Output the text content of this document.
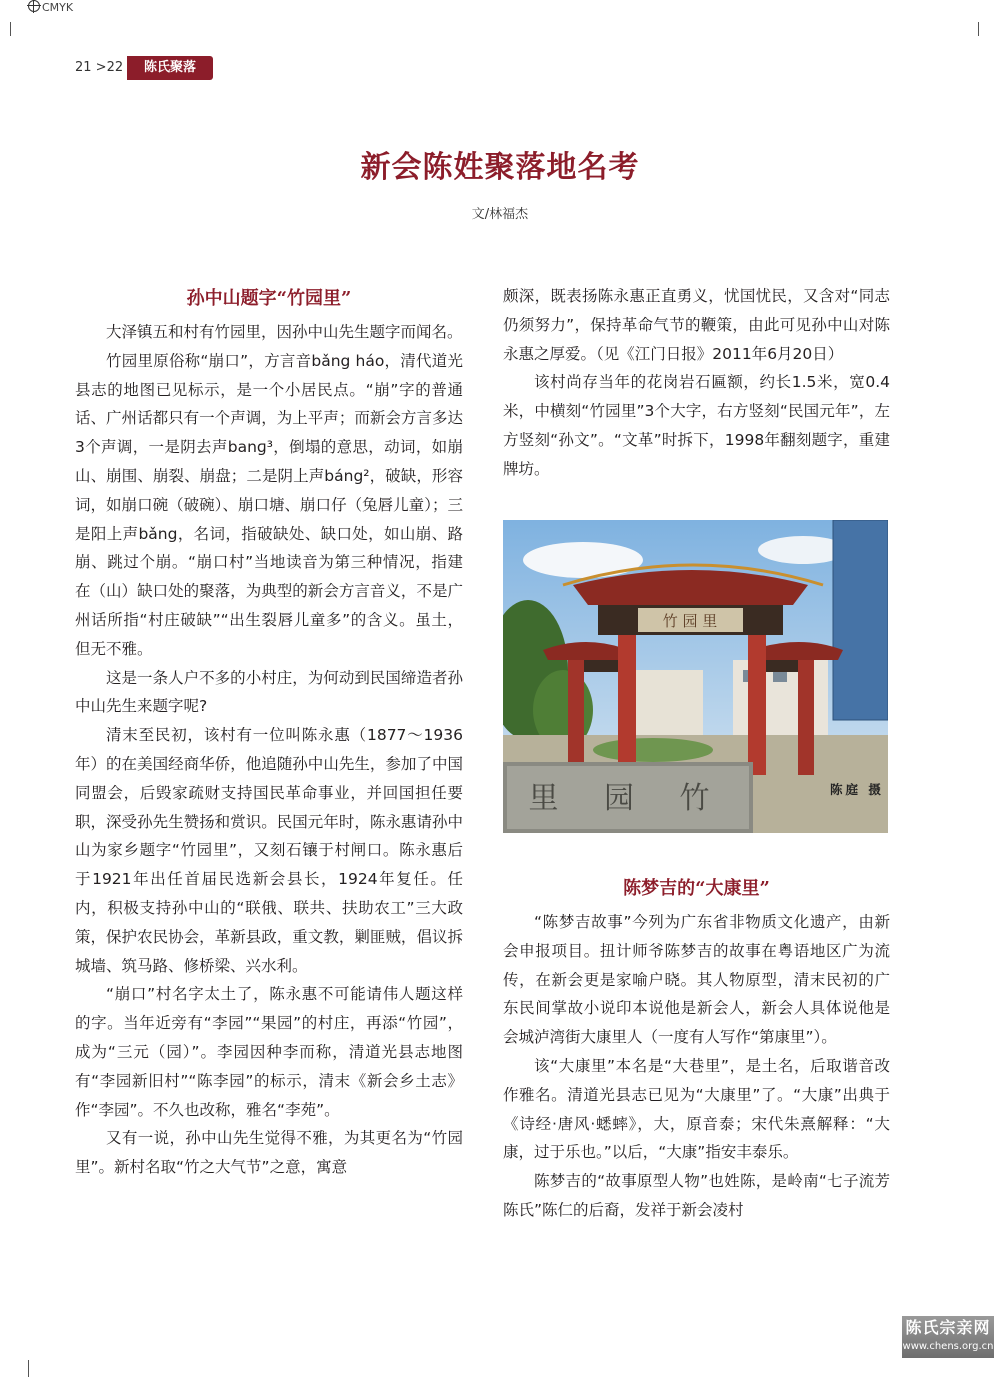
CMYK
21 >22	陈氏聚落
新会陈姓聚落地名考
文/林福杰
孙中山题字“竹园里”

大泽镇五和村有竹园里，因孙中山先生题字而闻名。

竹园里原俗称“崩口”，方言音bǎng háo，清代道光县志的地图已见标示，是一个小居民点。“崩”字的普通话、广州话都只有一个声调，为上平声；而新会方言多达3个声调，一是阴去声banɡ³，倒塌的意思，动词，如崩山、崩围、崩裂、崩盘；二是阴上声báng²，破缺，形容词，如崩口碗（破碗）、崩口塘、崩口仔（兔唇儿童）；三是阳上声bǎng，名词，指破缺处、缺口处，如山崩、路崩、跳过个崩。“崩口村”当地读音为第三种情况，指建在（山）缺口处的聚落，为典型的新会方言音义，不是广州话所指“村庄破缺”“出生裂唇儿童多”的含义。虽土，但无不雅。

这是一条人户不多的小村庄，为何动到民国缔造者孙中山先生来题字呢?

清末至民初，该村有一位叫陈永惠（1877～1936年）的在美国经商华侨，他追随孙中山先生，参加了中国同盟会，后毁家疏财支持国民革命事业，并回国担任要职，深受孙先生赞扬和赏识。民国元年时，陈永惠请孙中山为家乡题字“竹园里”，又刻石镶于村闸口。陈永惠后于1921年出任首届民选新会县长，1924年复任。任内，积极支持孙中山的“联俄、联共、扶助农工”三大政策，保护农民协会，革新县政，重文教，剿匪贼，倡议拆城墙、筑马路、修桥梁、兴水利。

“崩口”村名字太土了，陈永惠不可能请伟人题这样的字。当年近旁有“李园”“果园”的村庄，再添“竹园”，成为“三元（园）”。李园因种李而称，清道光县志地图有“李园新旧村”“陈李园”的标示，清末《新会乡土志》作“李园”。不久也改称，雅名“李苑”。

又有一说，孙中山先生觉得不雅，为其更名为“竹园里”。新村名取“竹之大气节”之意，寓意

颇深，既表扬陈永惠正直勇义，忧国忧民，又含对“同志仍须努力”，保持革命气节的鞭策，由此可见孙中山对陈永惠之厚爱。（见《江门日报》2011年6月20日）

该村尚存当年的花岗岩石匾额，约长1.5米，宽0.4米，中横刻“竹园里”3个大字，右方竖刻“民国元年”，左方竖刻“孙文”。“文革”时拆下，1998年翻刻题字，重建牌坊。

竹 园 里
里 园 竹	陈庭 摄
陈梦吉的“大康里”

“陈梦吉故事”今列为广东省非物质文化遗产，由新会申报项目。扭计师爷陈梦吉的故事在粤语地区广为流传，在新会更是家喻户晓。其人物原型，清末民初的广东民间掌故小说印本说他是新会人，新会人具体说他是会城泸湾街大康里人（一度有人写作“第康里”）。

该“大康里”本名是“大巷里”，是土名，后取谐音改作雅名。清道光县志已见为“大康里”了。“大康”出典于《诗经·唐风·蟋蟀》，大，原音泰；宋代朱熹解释：“大康，过于乐也。”以后，“大康”指安丰泰乐。

陈梦吉的“故事原型人物”也姓陈，是岭南“七子流芳陈氏”陈仁的后裔，发祥于新会凌村

陈氏宗亲网
www.chens.org.cn
